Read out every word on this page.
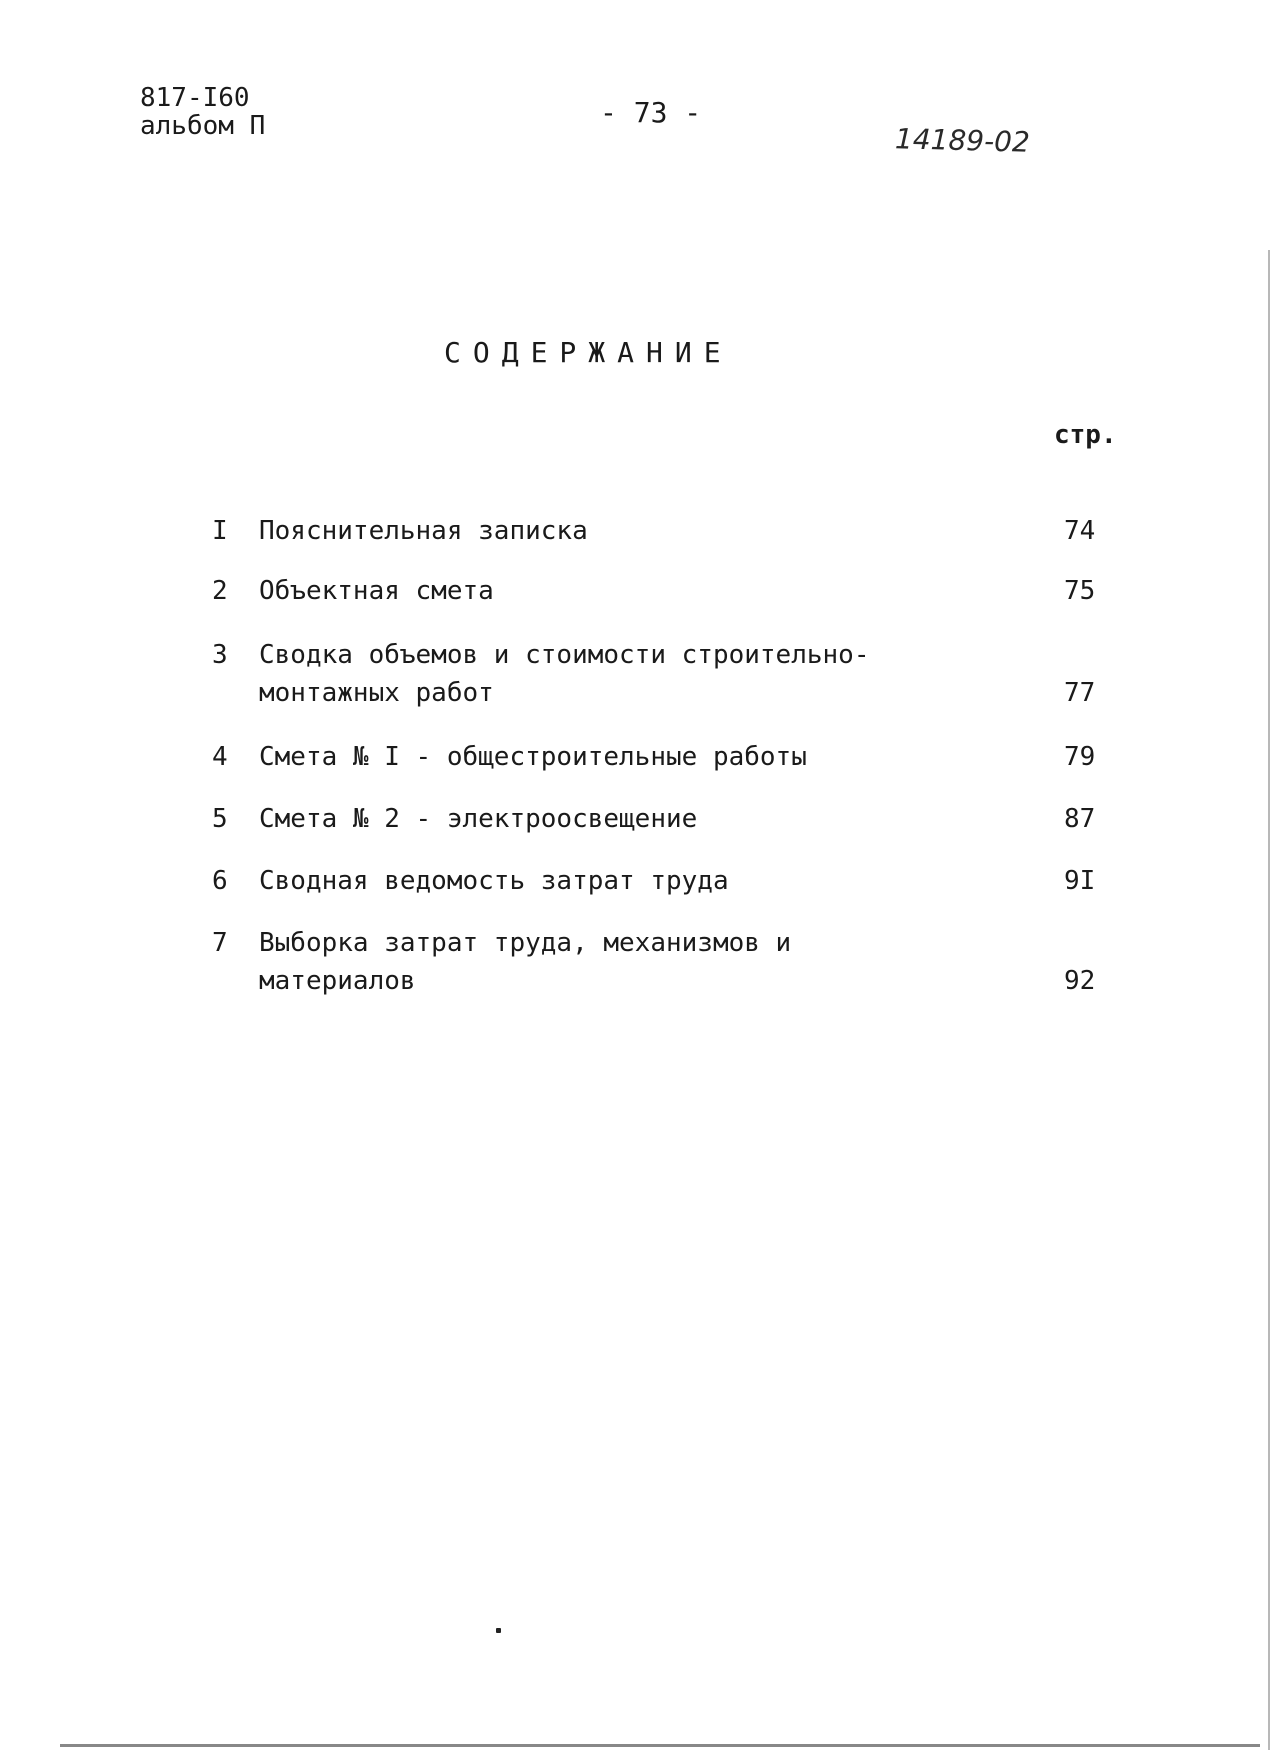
817-I60
альбом П	- 73 -
14189-02
СОДЕРЖАНИЕ
стр.
I Пояснительная записка	74
2 Объектная смета	75
3 Сводка объемов и стоимости строительно-монтажных работ	77
4 Смета № I - общестроительные работы	79
5 Смета № 2 - электроосвещение	87
6 Сводная ведомость затрат труда	9I
7 Выборка затрат труда, механизмов и материалов	92
